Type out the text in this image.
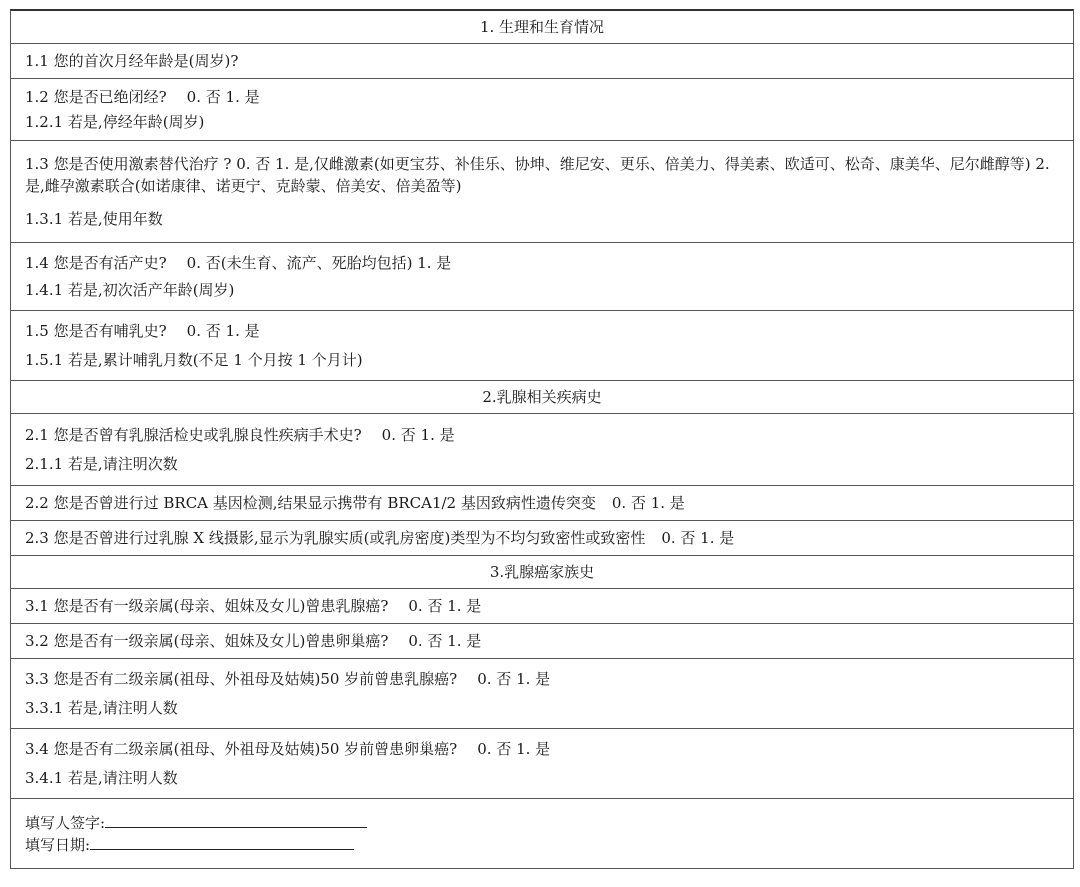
1. 生理和生育情况
1.1 您的首次月经年龄是(周岁)?
1.2 您是否已绝闭经? 0. 否 1. 是
1.2.1 若是,停经年龄(周岁)
1.3 您是否使用激素替代治疗 ? 0. 否 1. 是,仅雌激素(如更宝芬、补佳乐、协坤、维尼安、更乐、倍美力、得美素、欧适可、松奇、康美华、尼尔雌醇等) 2. 是,雌孕激素联合(如诺康律、诺更宁、克龄蒙、倍美安、倍美盈等)
1.3.1 若是,使用年数
1.4 您是否有活产史? 0. 否(未生育、流产、死胎均包括) 1. 是
1.4.1 若是,初次活产年龄(周岁)
1.5 您是否有哺乳史? 0. 否 1. 是
1.5.1 若是,累计哺乳月数(不足 1 个月按 1 个月计)
2.乳腺相关疾病史
2.1 您是否曾有乳腺活检史或乳腺良性疾病手术史? 0. 否 1. 是
2.1.1 若是,请注明次数
2.2 您是否曾进行过 BRCA 基因检测,结果显示携带有 BRCA1/2 基因致病性遗传突变 0. 否 1. 是
2.3 您是否曾进行过乳腺 X 线摄影,显示为乳腺实质(或乳房密度)类型为不均匀致密性或致密性 0. 否 1. 是
3.乳腺癌家族史
3.1 您是否有一级亲属(母亲、姐妹及女儿)曾患乳腺癌? 0. 否 1. 是
3.2 您是否有一级亲属(母亲、姐妹及女儿)曾患卵巢癌? 0. 否 1. 是
3.3 您是否有二级亲属(祖母、外祖母及姑姨)50 岁前曾患乳腺癌? 0. 否 1. 是
3.3.1 若是,请注明人数
3.4 您是否有二级亲属(祖母、外祖母及姑姨)50 岁前曾患卵巢癌? 0. 否 1. 是
3.4.1 若是,请注明人数
填写人签字:
填写日期:
